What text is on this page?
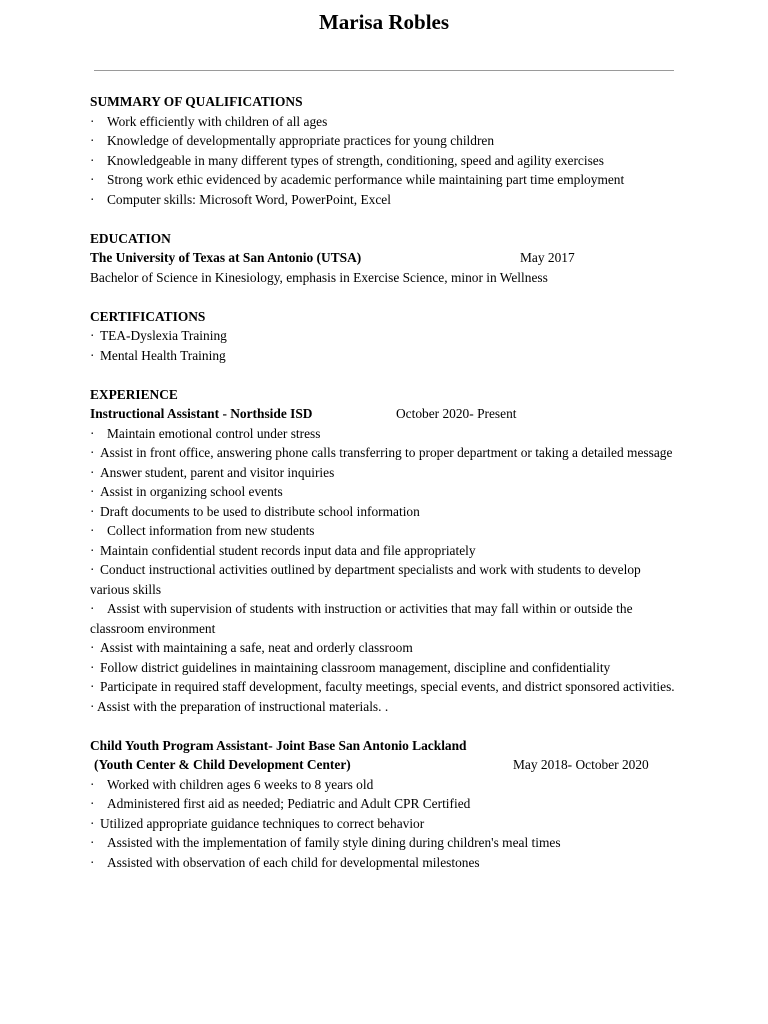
Marisa Robles
SUMMARY OF QUALIFICATIONS
· Work efficiently with children of all ages
· Knowledge of developmentally appropriate practices for young children
· Knowledgeable in many different types of strength, conditioning, speed and agility exercises
· Strong work ethic evidenced by academic performance while maintaining part time employment
· Computer skills: Microsoft Word, PowerPoint, Excel
EDUCATION
The University of Texas at San Antonio (UTSA)	May 2017
Bachelor of Science in Kinesiology, emphasis in Exercise Science, minor in Wellness
CERTIFICATIONS
· TEA-Dyslexia Training
· Mental Health Training
EXPERIENCE
Instructional Assistant - Northside ISD	October 2020- Present
· Maintain emotional control under stress
· Assist in front office, answering phone calls transferring to proper department or taking a detailed message
· Answer student, parent and visitor inquiries
· Assist in organizing school events
· Draft documents to be used to distribute school information
· Collect information from new students
· Maintain confidential student records input data and file appropriately
· Conduct instructional activities outlined by department specialists and work with students to develop various skills
· Assist with supervision of students with instruction or activities that may fall within or outside the classroom environment
· Assist with maintaining a safe, neat and orderly classroom
· Follow district guidelines in maintaining classroom management, discipline and confidentiality
· Participate in required staff development, faculty meetings, special events, and district sponsored activities.
· Assist with the preparation of instructional materials. .
Child Youth Program Assistant- Joint Base San Antonio Lackland
(Youth Center & Child Development Center)	May 2018- October 2020
· Worked with children ages 6 weeks to 8 years old
· Administered first aid as needed; Pediatric and Adult CPR Certified
· Utilized appropriate guidance techniques to correct behavior
· Assisted with the implementation of family style dining during children's meal times
· Assisted with observation of each child for developmental milestones
